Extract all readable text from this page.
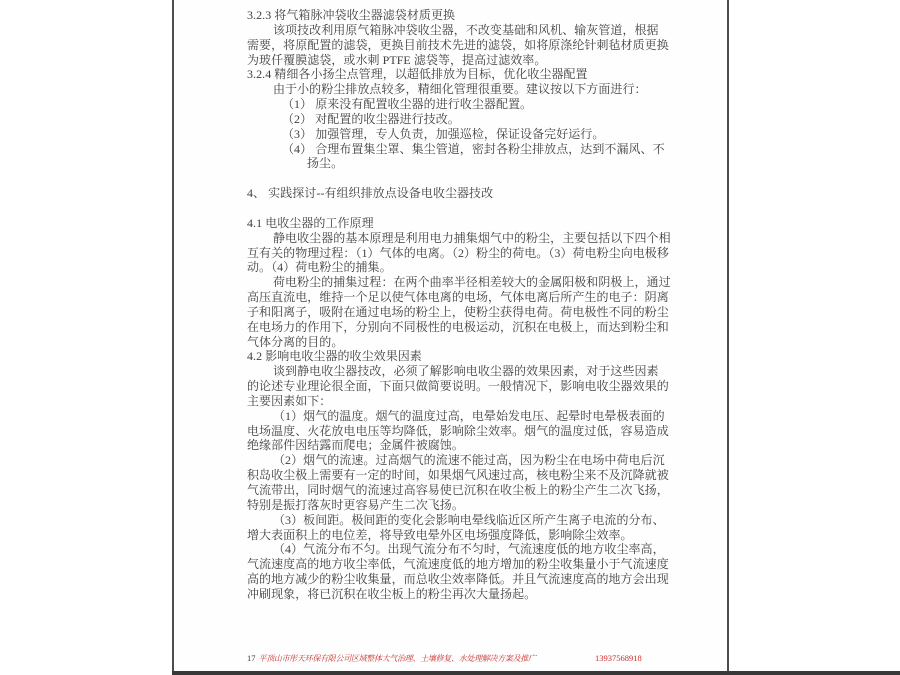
3.2.3 将气箱脉冲袋收尘器滤袋材质更换
该项技改利用原气箱脉冲袋收尘器，不改变基础和风机、输灰管道，根据
需要，将原配置的滤袋，更换目前技术先进的滤袋，如将原涤纶针刺毡材质更换
为玻仟覆膜滤袋，或水刺 PTFE 滤袋等，提高过滤效率。
3.2.4 精细各小扬尘点管理，以超低排放为目标，优化收尘器配置
由于小的粉尘排放点较多，精细化管理很重要。建议按以下方面进行：
（1） 原来没有配置收尘器的进行收尘器配置。
（2） 对配置的收尘器进行技改。
（3） 加强管理，专人负责，加强巡检，保证设备完好运行。
（4） 合理布置集尘罩、集尘管道，密封各粉尘排放点，达到不漏风、不
扬尘。
4、 实践探讨--有组织排放点设备电收尘器技改
4.1 电收尘器的工作原理
静电收尘器的基本原理是利用电力捕集烟气中的粉尘，主要包括以下四个相
互有关的物理过程：（1）气体的电离。（2）粉尘的荷电。（3）荷电粉尘向电极移
动。（4）荷电粉尘的捕集。
荷电粉尘的捕集过程：在两个曲率半径相差较大的金属阳极和阴极上，通过
高压直流电，维持一个足以使气体电离的电场，气体电离后所产生的电子：阴离
子和阳离子，吸附在通过电场的粉尘上，使粉尘获得电荷。荷电极性不同的粉尘
在电场力的作用下，分别向不同极性的电极运动，沉积在电极上，而达到粉尘和
气体分离的目的。
4.2 影响电收尘器的收尘效果因素
谈到静电收尘器技改，必须了解影响电收尘器的效果因素，对于这些因素
的论述专业理论很全面，下面只做简要说明。一般情况下，影响电收尘器效果的
主要因素如下：
（1）烟气的温度。烟气的温度过高，电晕始发电压、起晕时电晕极表面的
电场温度、火花放电电压等均降低，影响除尘效率。烟气的温度过低，容易造成
绝缘部件因结露而爬电；金属件被腐蚀。
（2）烟气的流速。过高烟气的流速不能过高，因为粉尘在电场中荷电后沉
积岛收尘极上需要有一定的时间，如果烟气风速过高，核电粉尘来不及沉降就被
气流带出，同时烟气的流速过高容易使已沉积在收尘板上的粉尘产生二次飞扬，
特别是振打落灰时更容易产生二次飞扬。
（3）板间距。极间距的变化会影响电晕线临近区所产生离子电流的分布、
增大表面积上的电位差，将导致电晕外区电场强度降低，影响除尘效率。
（4）气流分布不匀。出现气流分布不匀时，气流速度低的地方收尘率高，
气流速度高的地方收尘率低，气流速度低的地方增加的粉尘收集量小于气流速度
高的地方减少的粉尘收集量，而总收尘效率降低。并且气流速度高的地方会出现
冲刷现象，将已沉积在收尘板上的粉尘再次大量扬起。
17 平顶山市彤天环保有限公司区域整体大气治理、土壤修复、水处理解决方案及推广	13937568918
